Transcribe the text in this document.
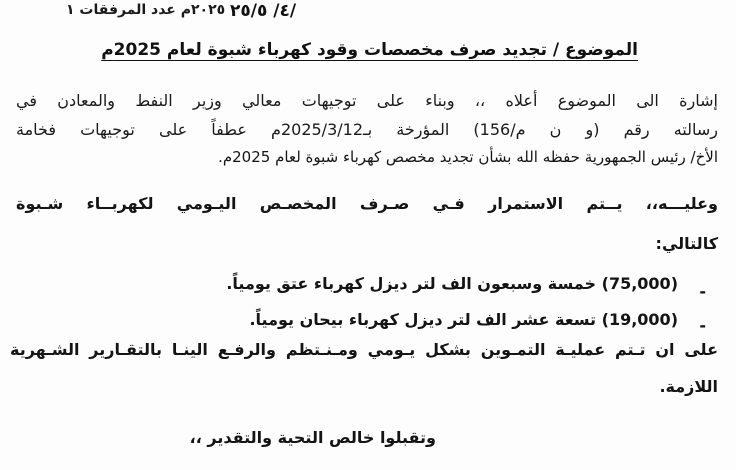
٤/ ٢٥/٥/
٢٠٢٥م عدد المرفقات ١
الموضوع / تجديد صرف مخصصات وقود كهرباء شبوة لعام 2025م
إشارة الى الموضوع أعلاه ،، وبناء على توجيهات معالي وزير النفط والمعادن في
رسالته رقم (و ن م/156) المؤرخة بـ2025/3/12م عطفاً على توجيهات فخامة
الأخ/ رئيس الجمهورية حفظه الله بشأن تجديد مخصص كهرباء شبوة لعام 2025م.
وعليـــه،، يــتم الاستمرار فـي صـرف المخصـص اليـومي لكهربــاء شـبوة
كالتالي:
-
(75,000) خمسة وسبعون الف لتر ديزل كهرباء عتق يومياً.
-
(19,000) تسعة عشر الف لتر ديزل كهرباء بيحان يومياً.
على ان تـتم عمليـة التمـوين بشكل يـومي ومـنـتظم والرفـع الينـا بالتقـارير الشـهرية
اللازمة.
وتقبلوا خالص التحية والتقدير ،،
